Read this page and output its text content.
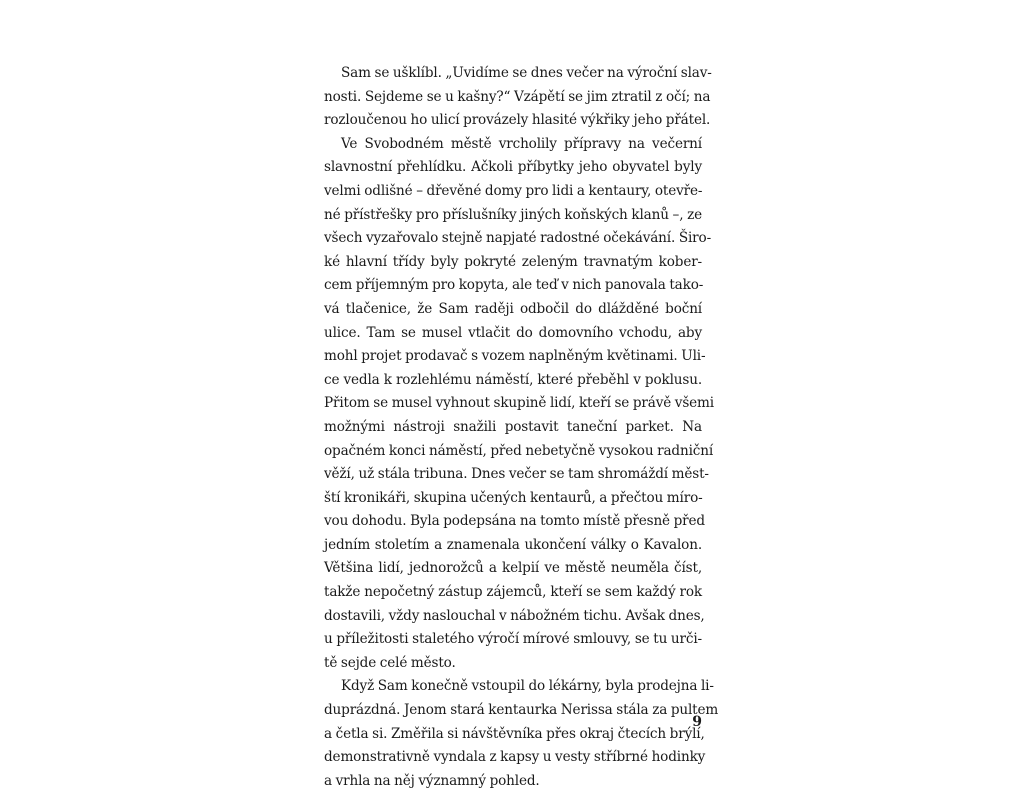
Sam se ušklíbl. „Uvidíme se dnes večer na výroční slav-
nosti. Sejdeme se u kašny?“ Vzápětí se jim ztratil z očí; na
rozloučenou ho ulicí provázely hlasité výkřiky jeho přátel.
Ve Svobodném městě vrcholily přípravy na večerní
slavnostní přehlídku. Ačkoli příbytky jeho obyvatel byly
velmi odlišné – dřevěné domy pro lidi a kentaury, otevře-
né přístřešky pro příslušníky jiných koňských klanů –, ze
všech vyzařovalo stejně napjaté radostné očekávání. Širo-
ké hlavní třídy byly pokryté zeleným travnatým kober-
cem příjemným pro kopyta, ale teď v nich panovala tako-
vá tlačenice, že Sam raději odbočil do dlážděné boční
ulice. Tam se musel vtlačit do domovního vchodu, aby
mohl projet prodavač s vozem naplněným květinami. Uli-
ce vedla k rozlehlému náměstí, které přeběhl v poklusu.
Přitom se musel vyhnout skupině lidí, kteří se právě všemi
možnými nástroji snažili postavit taneční parket. Na
opačném konci náměstí, před nebetyčně vysokou radniční
věží, už stála tribuna. Dnes večer se tam shromáždí měst-
ští kronikáři, skupina učených kentaurů, a přečtou míro-
vou dohodu. Byla podepsána na tomto místě přesně před
jedním stoletím a znamenala ukončení války o Kavalon.
Většina lidí, jednorožců a kelpií ve městě neuměla číst,
takže nepočetný zástup zájemců, kteří se sem každý rok
dostavili, vždy naslouchal v nábožném tichu. Avšak dnes,
u příležitosti staletého výročí mírové smlouvy, se tu urči-
tě sejde celé město.
Když Sam konečně vstoupil do lékárny, byla prodejna li-
duprázdná. Jenom stará kentaurka Nerissa stála za pultem
a četla si. Změřila si návštěvníka přes okraj čtecích brýlí,
demonstrativně vyndala z kapsy u vesty stříbrné hodinky
a vrhla na něj významný pohled.
9
